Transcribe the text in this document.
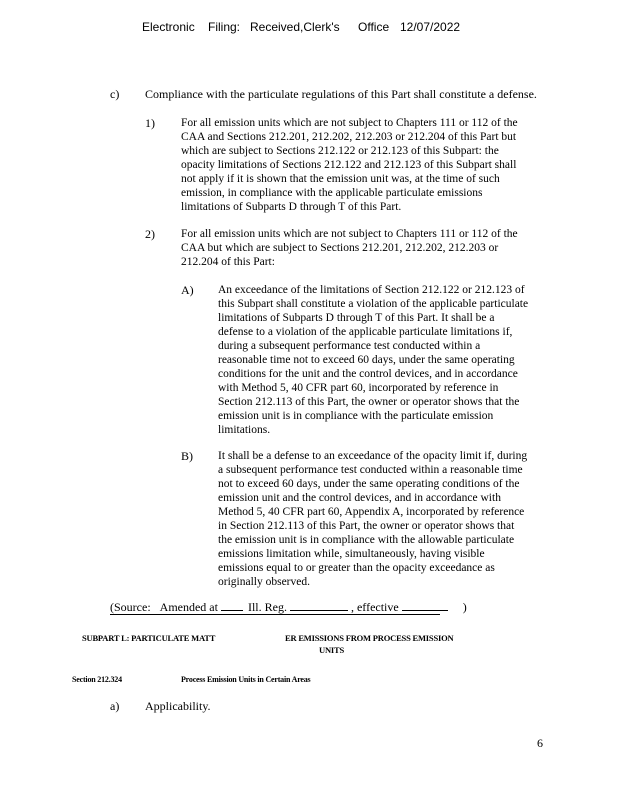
Electronic Filing: Received,Clerk's Office 12/07/2022
c) Compliance with the particulate regulations of this Part shall constitute a defense.
1) For all emission units which are not subject to Chapters 111 or 112 of the
CAA and Sections 212.201, 212.202, 212.203 or 212.204 of this Part but
which are subject to Sections 212.122 or 212.123 of this Subpart: the
opacity limitations of Sections 212.122 and 212.123 of this Subpart shall
not apply if it is shown that the emission unit was, at the time of such
emission, in compliance with the applicable particulate emissions
limitations of Subparts D through T of this Part.
2) For all emission units which are not subject to Chapters 111 or 112 of the
CAA but which are subject to Sections 212.201, 212.202, 212.203 or
212.204 of this Part:
A) An exceedance of the limitations of Section 212.122 or 212.123 of
this Subpart shall constitute a violation of the applicable particulate
limitations of Subparts D through T of this Part. It shall be a
defense to a violation of the applicable particulate limitations if,
during a subsequent performance test conducted within a
reasonable time not to exceed 60 days, under the same operating
conditions for the unit and the control devices, and in accordance
with Method 5, 40 CFR part 60, incorporated by reference in
Section 212.113 of this Part, the owner or operator shows that the
emission unit is in compliance with the particulate emission
limitations.
B) It shall be a defense to an exceedance of the opacity limit if, during
a subsequent performance test conducted within a reasonable time
not to exceed 60 days, under the same operating conditions of the
emission unit and the control devices, and in accordance with
Method 5, 40 CFR part 60, Appendix A, incorporated by reference
in Section 212.113 of this Part, the owner or operator shows that
the emission unit is in compliance with the allowable particulate
emissions limitation while, simultaneously, having visible
emissions equal to or greater than the opacity exceedance as
originally observed.
(Source: Amended at	Ill. Reg.	, effective	)
SUBPART L: PARTICULATE MATT	ER EMISSIONS FROM PROCESS EMISSION
UNITS
Section 212.324	Process Emission Units in Certain Areas
a) Applicability.
6
